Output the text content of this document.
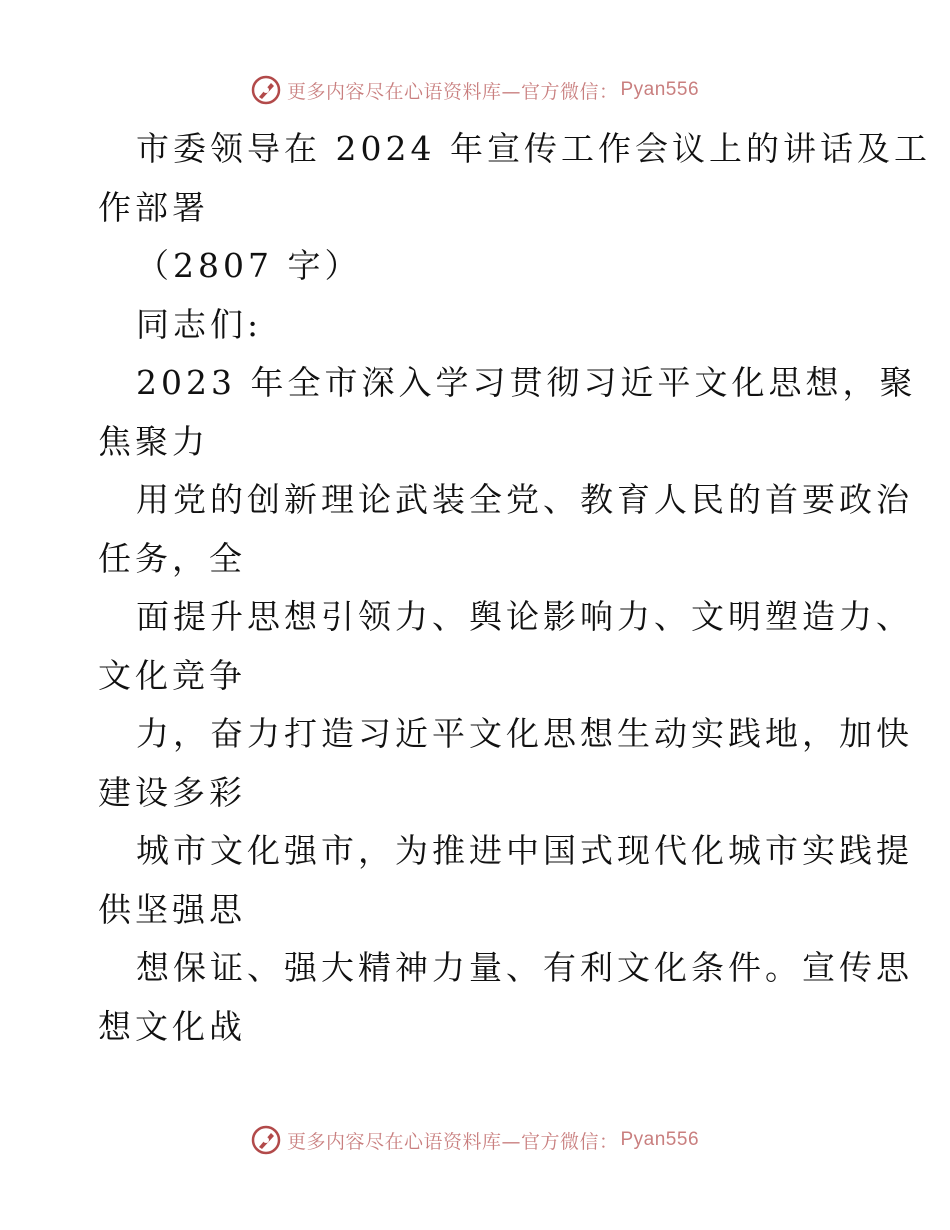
更多内容尽在心语资料库—官方微信： Pyan556
市委领导在 2024 年宣传工作会议上的讲话及工
作部署
（2807 字）
同志们:
2023 年全市深入学习贯彻习近平文化思想，聚
焦聚力
用党的创新理论武装全党、教育人民的首要政治
任务，全
面提升思想引领力、舆论影响力、文明塑造力、
文化竞争
力，奋力打造习近平文化思想生动实践地，加快
建设多彩
城市文化强市，为推进中国式现代化城市实践提
供坚强思
想保证、强大精神力量、有利文化条件。宣传思
想文化战
更多内容尽在心语资料库—官方微信： Pyan556
